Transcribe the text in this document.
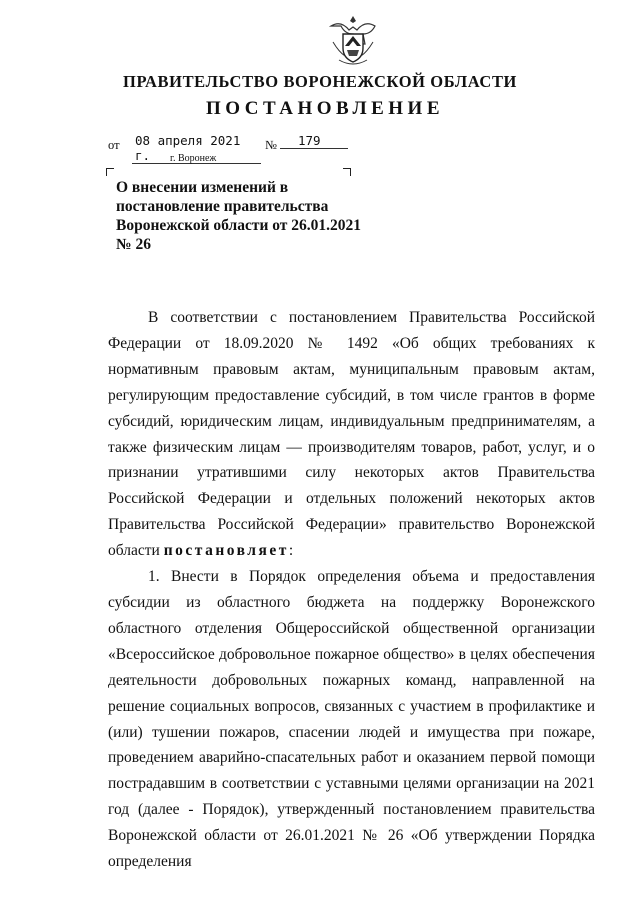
ПРАВИТЕЛЬСТВО ВОРОНЕЖСКОЙ ОБЛАСТИ
ПОСТАНОВЛЕНИЕ
от 08 апреля 2021 г.
№	179
г. Воронеж
О внесении изменений в постановление правительства Воронежской области от 26.01.2021 № 26

В соответствии с постановлением Правительства Российской Федерации от 18.09.2020 № 1492 «Об общих требованиях к нормативным правовым актам, муниципальным правовым актам, регулирующим предоставление субсидий, в том числе грантов в форме субсидий, юридическим лицам, индивидуальным предпринимателям, а также физическим лицам — производителям товаров, работ, услуг, и о признании утратившими силу некоторых актов Правительства Российской Федерации и отдельных положений некоторых актов Правительства Российской Федерации» правительство Воронежской области постановляет:

1. Внести в Порядок определения объема и предоставления субсидии из областного бюджета на поддержку Воронежского областного отделения Общероссийской общественной организации «Всероссийское добровольное пожарное общество» в целях обеспечения деятельности добровольных пожарных команд, направленной на решение социальных вопросов, связанных с участием в профилактике и (или) тушении пожаров, спасении людей и имущества при пожаре, проведением аварийно-спасательных работ и оказанием первой помощи пострадавшим в соответствии с уставными целями организации на 2021 год (далее - Порядок), утвержденный постановлением правительства Воронежской области от 26.01.2021 № 26 «Об утверждении Порядка определения
